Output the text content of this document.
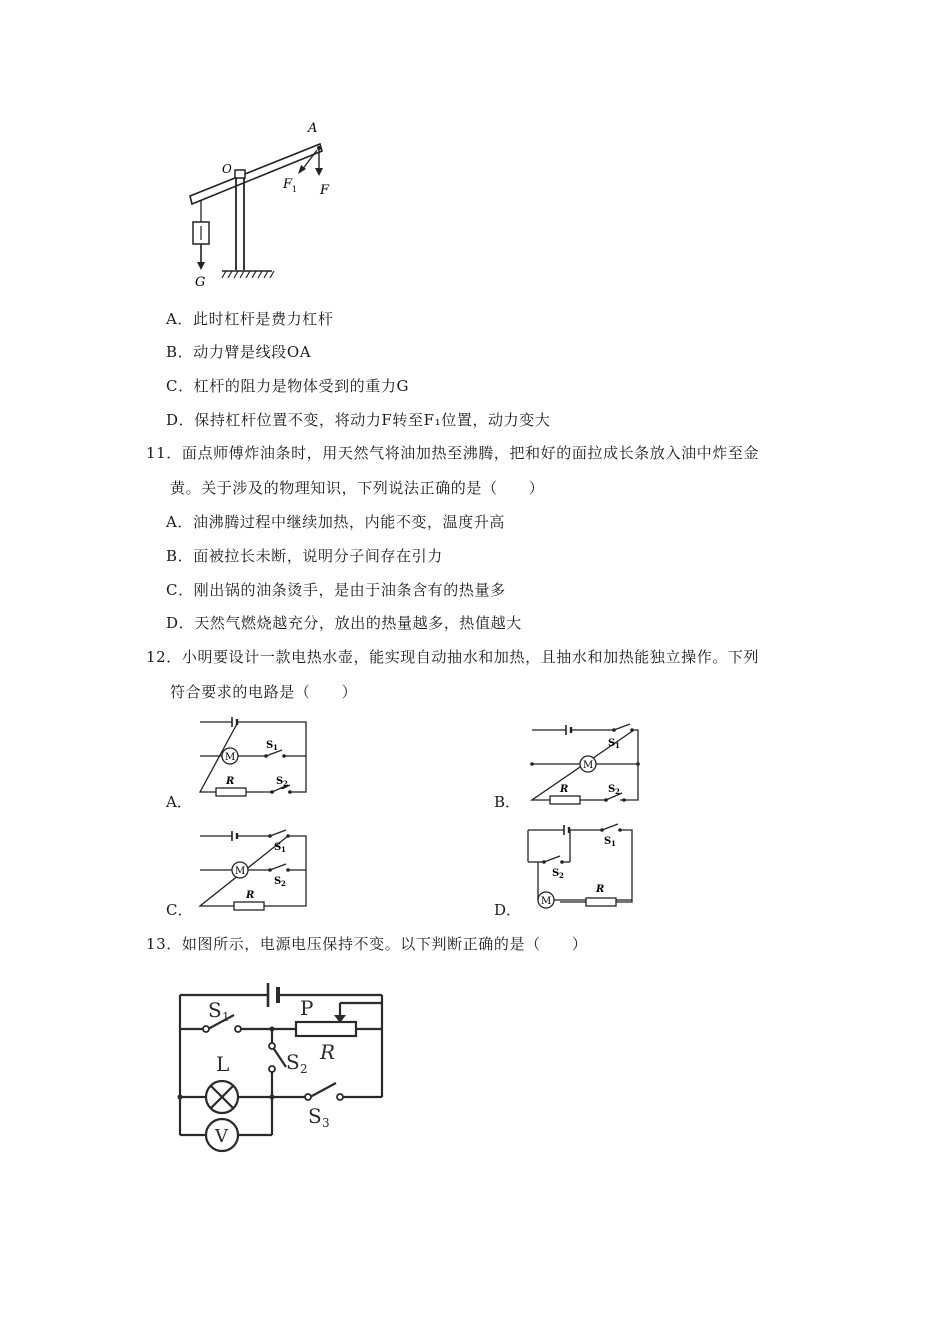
A
O
F 1 F
G
A．此时杠杆是费力杠杆
B．动力臂是线段OA
C．杠杆的阻力是物体受到的重力G
D．保持杠杆位置不变，将动力F转至F₁位置，动力变大
11．面点师傅炸油条时，用天然气将油加热至沸腾，把和好的面拉成长条放入油中炸至金
黄。关于涉及的物理知识，下列说法正确的是（　　）
A．油沸腾过程中继续加热，内能不变，温度升高
B．面被拉长未断，说明分子间存在引力
C．刚出锅的油条烫手，是由于油条含有的热量多
D．天然气燃烧越充分，放出的热量越多，热值越大
12．小明要设计一款电热水壶，能实现自动抽水和加热，且抽水和加热能独立操作。下列
符合要求的电路是（　　）
A．
M
S 1
R	S 2
B．
M
S 1
R	S 2
C．
M
S 1
S 2
R
D． M
S 1
S 2
R
13．如图所示，电源电压保持不变。以下判断正确的是（　　）
S 1	P
R
S 2
L
S 3
V
